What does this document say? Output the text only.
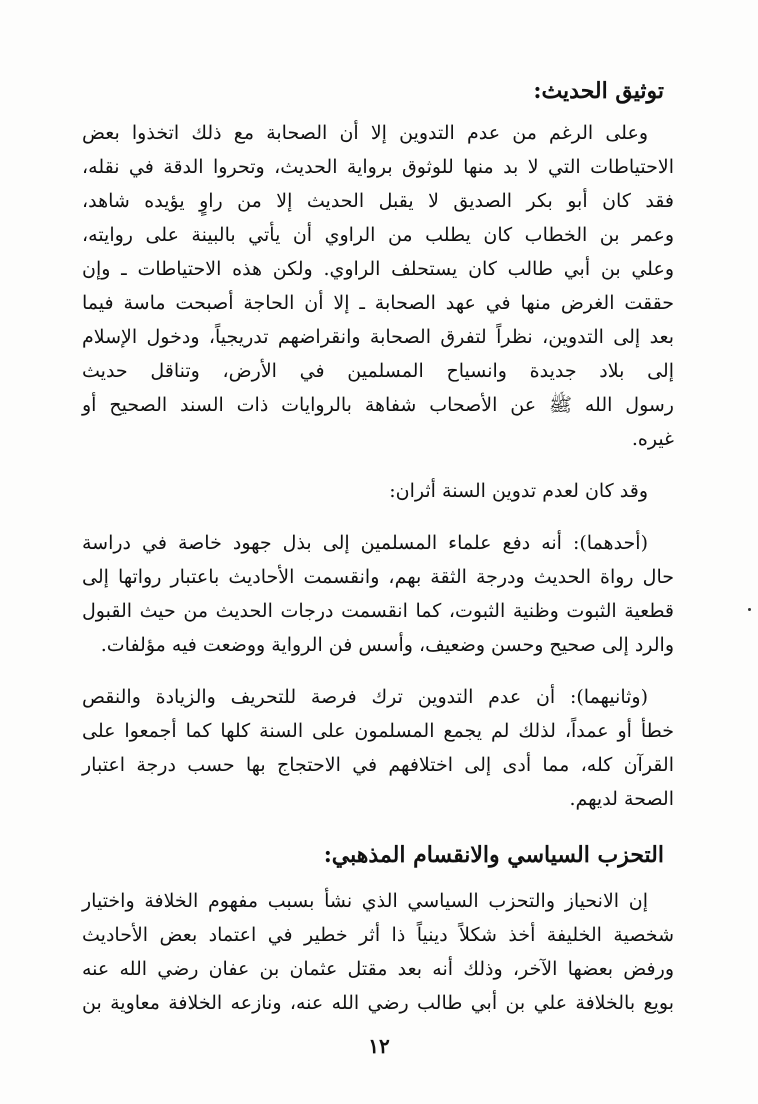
توثيق الحديث:
وعلى الرغم من عدم التدوين إلا أن الصحابة مع ذلك اتخذوا بعض
الاحتياطات التي لا بد منها للوثوق برواية الحديث، وتحروا الدقة في نقله،
فقد كان أبو بكر الصديق لا يقبل الحديث إلا من راوٍ يؤيده شاهد،
وعمر بن الخطاب كان يطلب من الراوي أن يأتي بالبينة على روايته،
وعلي بن أبي طالب كان يستحلف الراوي. ولكن هذه الاحتياطات ـ وإن
حققت الغرض منها في عهد الصحابة ـ إلا أن الحاجة أصبحت ماسة فيما
بعد إلى التدوين، نظراً لتفرق الصحابة وانقراضهم تدريجياً، ودخول الإسلام
إلى بلاد جديدة وانسياح المسلمين في الأرض، وتناقل حديث
رسول الله ﷺ عن الأصحاب شفاهة بالروايات ذات السند الصحيح أو
غيره.
وقد كان لعدم تدوين السنة أثران:
(أحدهما): أنه دفع علماء المسلمين إلى بذل جهود خاصة في دراسة
حال رواة الحديث ودرجة الثقة بهم، وانقسمت الأحاديث باعتبار رواتها إلى
قطعية الثبوت وظنية الثبوت، كما انقسمت درجات الحديث من حيث القبول
والرد إلى صحيح وحسن وضعيف، وأسس فن الرواية ووضعت فيه مؤلفات.
(وثانيهما): أن عدم التدوين ترك فرصة للتحريف والزيادة والنقص
خطأ أو عمداً، لذلك لم يجمع المسلمون على السنة كلها كما أجمعوا على
القرآن كله، مما أدى إلى اختلافهم في الاحتجاج بها حسب درجة اعتبار
الصحة لديهم.
التحزب السياسي والانقسام المذهبي:
إن الانحياز والتحزب السياسي الذي نشأ بسبب مفهوم الخلافة واختيار
شخصية الخليفة أخذ شكلاً دينياً ذا أثر خطير في اعتماد بعض الأحاديث
ورفض بعضها الآخر، وذلك أنه بعد مقتل عثمان بن عفان رضي الله عنه
بويع بالخلافة علي بن أبي طالب رضي الله عنه، ونازعه الخلافة معاوية بن
١٢
